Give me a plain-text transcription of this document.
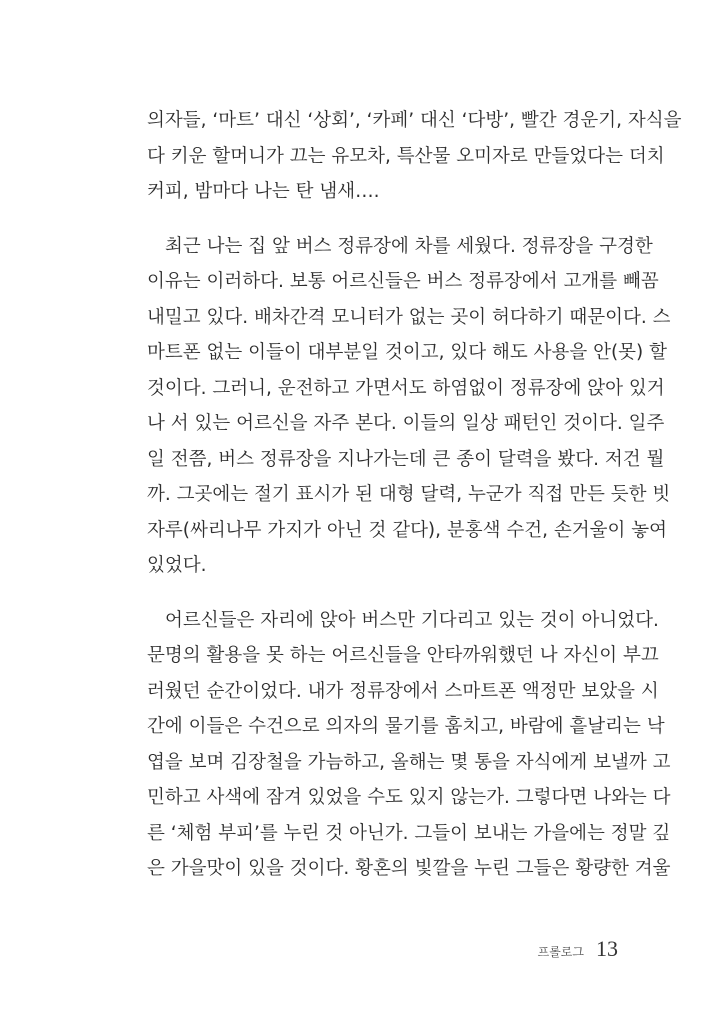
의자들, ‘마트’ 대신 ‘상회’, ‘카페’ 대신 ‘다방’, 빨간 경운기, 자식을
다 키운 할머니가 끄는 유모차, 특산물 오미자로 만들었다는 더치
커피, 밤마다 나는 탄 냄새….
최근 나는 집 앞 버스 정류장에 차를 세웠다. 정류장을 구경한
이유는 이러하다. 보통 어르신들은 버스 정류장에서 고개를 빼꼼
내밀고 있다. 배차간격 모니터가 없는 곳이 허다하기 때문이다. 스
마트폰 없는 이들이 대부분일 것이고, 있다 해도 사용을 안(못) 할
것이다. 그러니, 운전하고 가면서도 하염없이 정류장에 앉아 있거
나 서 있는 어르신을 자주 본다. 이들의 일상 패턴인 것이다. 일주
일 전쯤, 버스 정류장을 지나가는데 큰 종이 달력을 봤다. 저건 뭘
까. 그곳에는 절기 표시가 된 대형 달력, 누군가 직접 만든 듯한 빗
자루(싸리나무 가지가 아닌 것 같다), 분홍색 수건, 손거울이 놓여
있었다.
어르신들은 자리에 앉아 버스만 기다리고 있는 것이 아니었다.
문명의 활용을 못 하는 어르신들을 안타까워했던 나 자신이 부끄
러웠던 순간이었다. 내가 정류장에서 스마트폰 액정만 보았을 시
간에 이들은 수건으로 의자의 물기를 훔치고, 바람에 흩날리는 낙
엽을 보며 김장철을 가늠하고, 올해는 몇 통을 자식에게 보낼까 고
민하고 사색에 잠겨 있었을 수도 있지 않는가. 그렇다면 나와는 다
른 ‘체험 부피’를 누린 것 아닌가. 그들이 보내는 가을에는 정말 깊
은 가을맛이 있을 것이다. 황혼의 빛깔을 누린 그들은 황량한 겨울
프롤로그 13
